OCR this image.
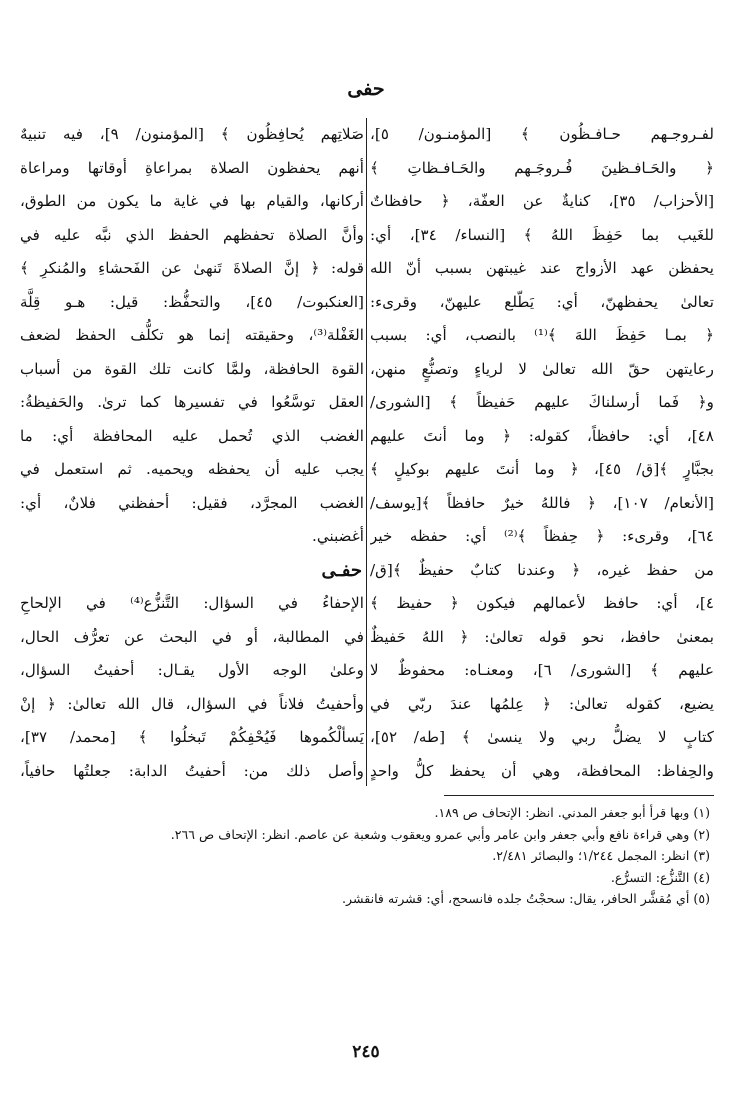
حفى
لفـروجـهم حـافـظُون ﴾ [المؤمنـون/ ٥]،
﴿ والحَـافـظينَ فُـروجَـهم والحَـافـظاتِ ﴾
[الأحزاب/ ٣٥]، كنايةٌ عن العفّة، ﴿ حافظاتٌ
للغَيب بما حَفِظَ اللهُ ﴾ [النساء/ ٣٤]، أي:
يحفظن عهد الأزواج عند غيبتهن بسبب أنّ الله
تعالىٰ يحفظهنّ، أي: يَطّلع عليهنّ، وقرىء:
﴿ بمـا حَفِظَ اللهَ ﴾⁽¹⁾ بالنصب، أي: بسبب
رعايتهن حقّ الله تعالىٰ لا لرياءٍ وتصنُّعٍ منهن،
و﴿ فَما أرسلناكَ عليهم حَفيظاً ﴾ [الشورى/
٤٨]، أي: حافظاً، كقوله: ﴿ وما أنتَ عليهم
بجبَّارٍ ﴾[ق/ ٤٥]، ﴿ وما أنتَ عليهم بوكيلٍ ﴾
[الأنعام/ ١٠٧]، ﴿ فاللهُ خيرٌ حافظاً ﴾[يوسف/
٦٤]، وقرىء: ﴿ حِفظاً ﴾⁽²⁾ أي: حفظه خير
من حفظ غيره، ﴿ وعندنا كتابٌ حفيظٌ ﴾[ق/
٤]، أي: حافظ لأعمالهم فيكون ﴿ حفيظ ﴾
بمعنىٰ حافظ، نحو قوله تعالىٰ: ﴿ اللهُ حَفيظٌ
عليهم ﴾ [الشورى/ ٦]، ومعنـاه: محفوظٌ لا
يضيع، كقوله تعالىٰ: ﴿ عِلمُها عندَ ربّي في
كتابٍ لا يضلُّ ربي ولا ينسىٰ ﴾ [طه/ ٥٢]،
والحِفاظ: المحافظة، وهي أن يحفظ كلُّ واحدٍ
صَلاتِهم يُحافِظُون ﴾ [المؤمنون/ ٩]، فيه تنبيهٌ
أنهم يحفظون الصلاة بمراعاةِ أوقاتها ومراعاة
أركانها، والقيام بها في غاية ما يكون من الطوق،
وأنَّ الصلاة تحفظهم الحفظ الذي نبَّه عليه في
قوله: ﴿ إنَّ الصلاةَ تَنهىٰ عن الفَحشاءِ والمُنكرِ ﴾
[العنكبوت/ ٤٥]، والتحفُّظ: قيل: هـو قِلَّة
الغَفْلة⁽³⁾، وحقيقته إنما هو تكلُّف الحفظ لضعف
القوة الحافظة، ولمَّا كانت تلك القوة من أسباب
العقل توسَّعُوا في تفسيرها كما ترىٰ. والحَفيظةُ:
الغضب الذي تُحمل عليه المحافظة أي: ما
يجب عليه أن يحفظه ويحميه. ثم استعمل في
الغضب المجرَّد، فقيل: أحفظني فلانٌ، أي:
أغضبني.
حفـى
الإحفاءُ في السؤال: التَّنزُّع⁽⁴⁾ في الإلحاحِ
في المطالبة، أو في البحث عن تعرُّف الحال،
وعلىٰ الوجه الأول يقـال: أحفيتُ السؤال،
وأحفيتُ فلاناً في السؤال، قال الله تعالىٰ: ﴿ إنْ
يَسألْكُموها فَيُحْفِكُمْ تَبخلُوا ﴾ [محمد/ ٣٧]،
وأصل ذلك من: أحفيتُ الدابة: جعلتُها حافياً،
(١) وبها قرأ أبو جعفر المدني. انظر: الإتحاف ص ١٨٩.
(٢) وهي قراءة نافع وأبي جعفر وابن عامر وأبي عمرو ويعقوب وشعبة عن عاصم. انظر: الإتحاف ص ٢٦٦.
(٣) انظر: المجمل ١/٢٤٤؛ والبصائر ٢/٤٨١.
(٤) التَّنزُّع: التسرُّع.
(٥) أي مُقشَّر الحافر، يقال: سحجْتُ جلده فانسحج، أي: قشرته فانقشر.
٢٤٥
